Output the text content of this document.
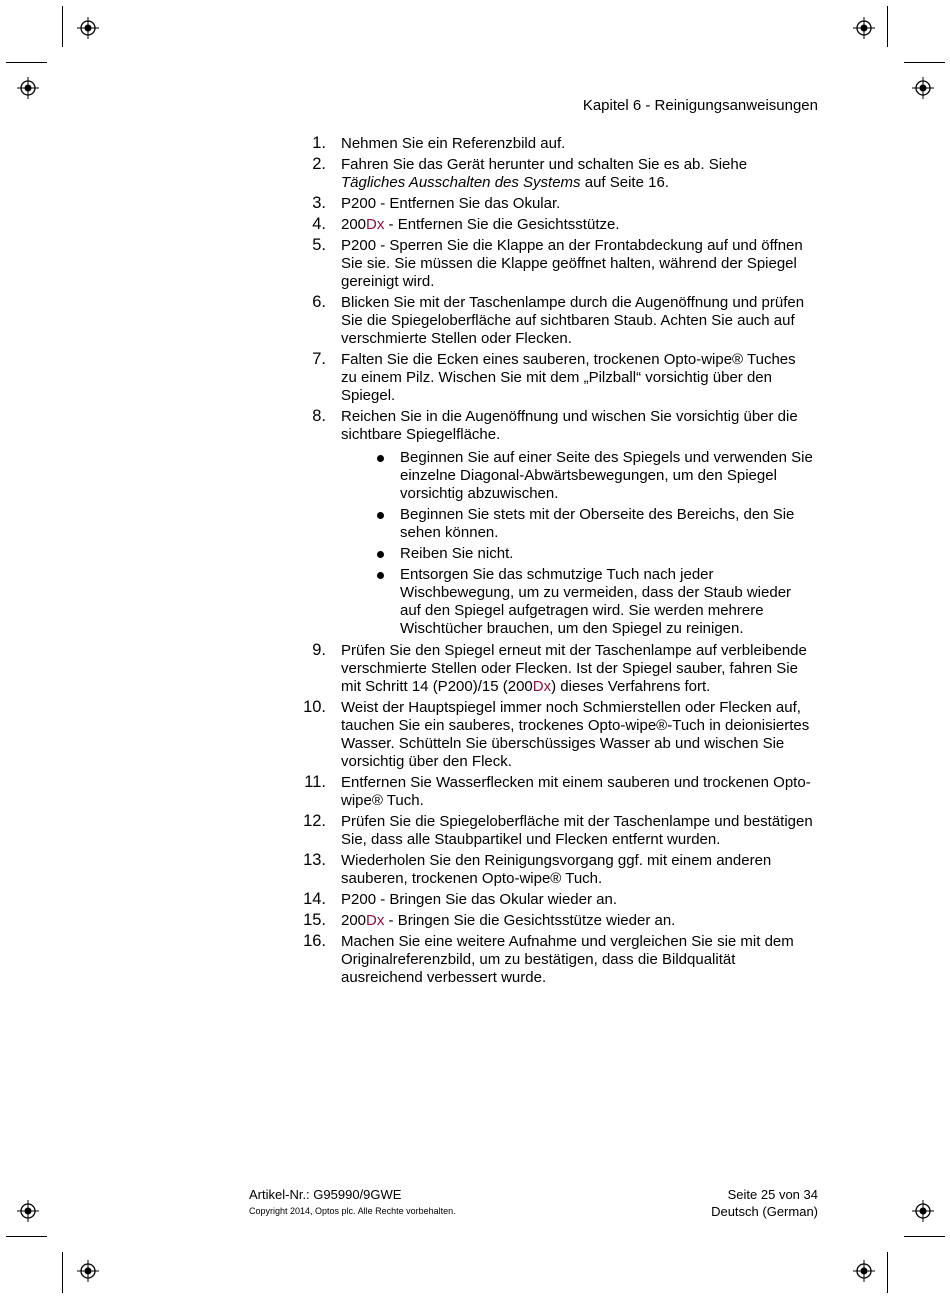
Kapitel 6 - Reinigungsanweisungen
1. Nehmen Sie ein Referenzbild auf.
2. Fahren Sie das Gerät herunter und schalten Sie es ab. Siehe Tägliches Ausschalten des Systems auf Seite 16.
3. P200 - Entfernen Sie das Okular.
4. 200Dx - Entfernen Sie die Gesichtsstütze.
5. P200 - Sperren Sie die Klappe an der Frontabdeckung auf und öffnen Sie sie. Sie müssen die Klappe geöffnet halten, während der Spiegel gereinigt wird.
6. Blicken Sie mit der Taschenlampe durch die Augenöffnung und prüfen Sie die Spiegeloberfläche auf sichtbaren Staub. Achten Sie auch auf verschmierte Stellen oder Flecken.
7. Falten Sie die Ecken eines sauberen, trockenen Opto-wipe® Tuches zu einem Pilz. Wischen Sie mit dem „Pilzball“ vorsichtig über den Spiegel.
8. Reichen Sie in die Augenöffnung und wischen Sie vorsichtig über die sichtbare Spiegelfläche.
Beginnen Sie auf einer Seite des Spiegels und verwenden Sie einzelne Diagonal-Abwärtsbewegungen, um den Spiegel vorsichtig abzuwischen.
Beginnen Sie stets mit der Oberseite des Bereichs, den Sie sehen können.
Reiben Sie nicht.
Entsorgen Sie das schmutzige Tuch nach jeder Wischbewegung, um zu vermeiden, dass der Staub wieder auf den Spiegel aufgetragen wird. Sie werden mehrere Wischtücher brauchen, um den Spiegel zu reinigen.
9. Prüfen Sie den Spiegel erneut mit der Taschenlampe auf verbleibende verschmierte Stellen oder Flecken. Ist der Spiegel sauber, fahren Sie mit Schritt 14 (P200)/15 (200Dx) dieses Verfahrens fort.
10. Weist der Hauptspiegel immer noch Schmierstellen oder Flecken auf, tauchen Sie ein sauberes, trockenes Opto-wipe®-Tuch in deionisiertes Wasser. Schütteln Sie überschüssiges Wasser ab und wischen Sie vorsichtig über den Fleck.
11. Entfernen Sie Wasserflecken mit einem sauberen und trockenen Opto-wipe® Tuch.
12. Prüfen Sie die Spiegeloberfläche mit der Taschenlampe und bestätigen Sie, dass alle Staubpartikel und Flecken entfernt wurden.
13. Wiederholen Sie den Reinigungsvorgang ggf. mit einem anderen sauberen, trockenen Opto-wipe® Tuch.
14. P200 - Bringen Sie das Okular wieder an.
15. 200Dx - Bringen Sie die Gesichtsstütze wieder an.
16. Machen Sie eine weitere Aufnahme und vergleichen Sie sie mit dem Originalreferenzbild, um zu bestätigen, dass die Bildqualität ausreichend verbessert wurde.
Artikel-Nr.: G95990/9GWE
Copyright 2014, Optos plc. Alle Rechte vorbehalten.
Seite 25 von 34
Deutsch (German)
